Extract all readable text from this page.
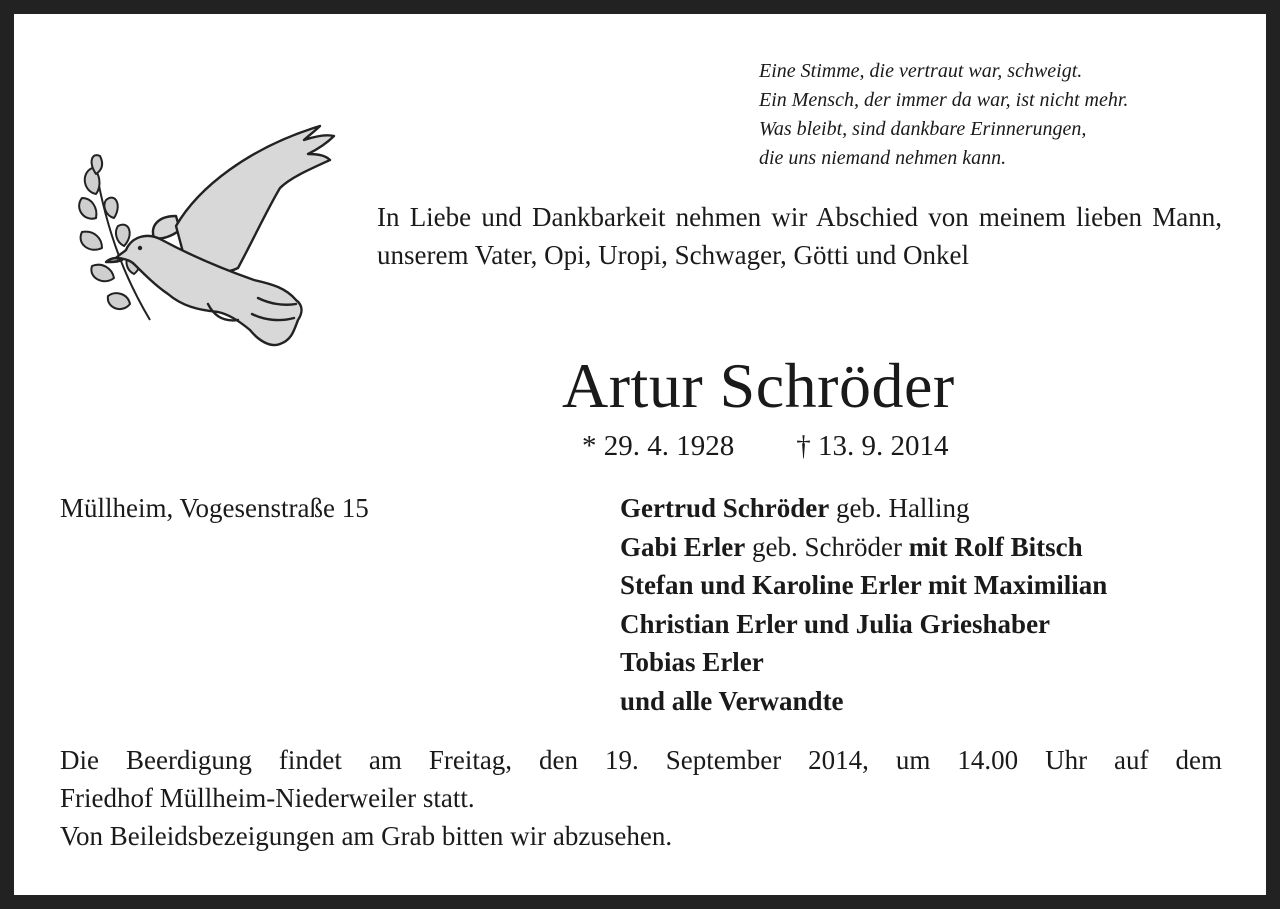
Eine Stimme, die vertraut war, schweigt.
Ein Mensch, der immer da war, ist nicht mehr.
Was bleibt, sind dankbare Erinnerungen,
die uns niemand nehmen kann.
In Liebe und Dankbarkeit nehmen wir Abschied von meinem lieben Mann, unserem Vater, Opi, Uropi, Schwager, Götti und Onkel
Artur Schröder
* 29. 4. 1928 † 13. 9. 2014
Müllheim, Vogesenstraße 15	Gertrud Schröder geb. Halling
Gabi Erler geb. Schröder mit Rolf Bitsch
Stefan und Karoline Erler mit Maximilian
Christian Erler und Julia Grieshaber
Tobias Erler
und alle Verwandte
Die Beerdigung findet am Freitag, den 19. September 2014, um 14.00 Uhr auf dem
Friedhof Müllheim-Niederweiler statt.
Von Beileidsbezeigungen am Grab bitten wir abzusehen.
